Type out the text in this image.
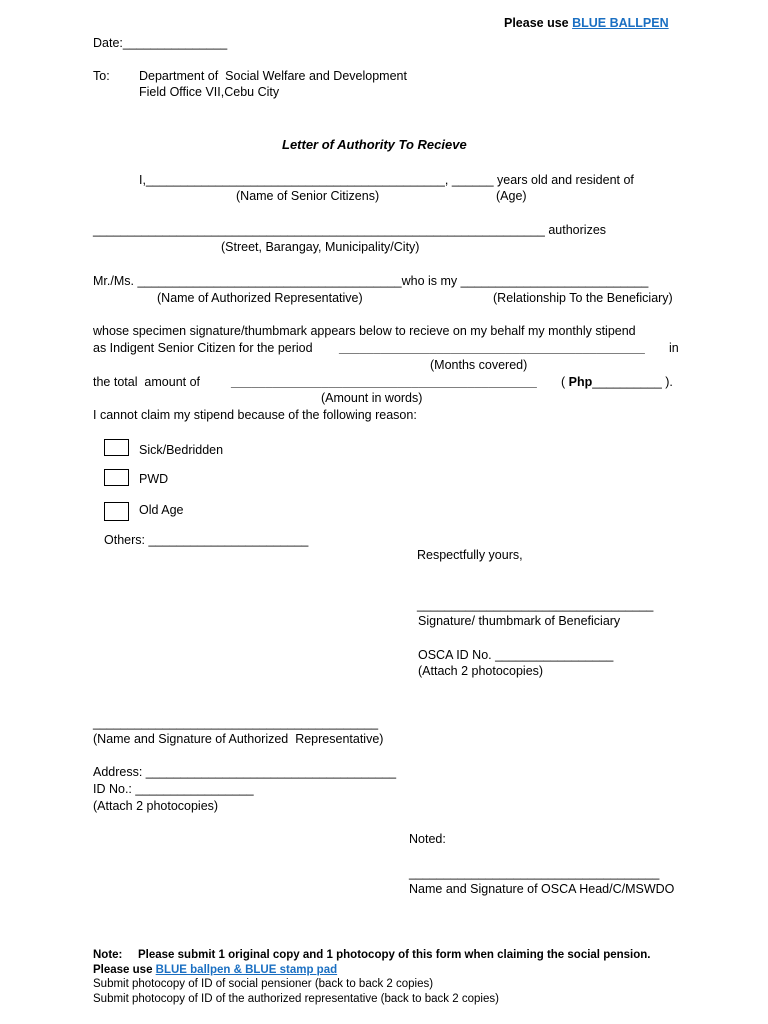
Please use BLUE BALLPEN
Date:_______________
To: Department of  Social Welfare and Development
Field Office VII,Cebu City
Letter of Authority To Recieve
I,___________________________________________, ______ years old and resident of
(Name of Senior Citizens)	(Age)
_________________________________________________________________ authorizes
(Street, Barangay, Municipality/City)
Mr./Ms. ______________________________________who is my ___________________________
(Name of Authorized Representative)	(Relationship To the Beneficiary)
whose specimen signature/thumbmark appears below to recieve on my behalf my monthly stipend
as Indigent Senior Citizen for the period ____________________________________________ in
(Months covered)
the total  amount of ____________________________________________ ( Php__________ ).
(Amount in words)
I cannot claim my stipend because of the following reason:
Sick/Bedridden
PWD
Old Age
Others: _______________________
Respectfully yours,
__________________________________
Signature/ thumbmark of Beneficiary
OSCA ID No. _________________
(Attach 2 photocopies)
_________________________________________
(Name and Signature of Authorized  Representative)
Address: ____________________________________
ID No.: _________________
(Attach 2 photocopies)
Noted:
____________________________________
Name and Signature of OSCA Head/C/MSWDO
Note: Please submit 1 original copy and 1 photocopy of this form when claiming the social pension.
Please use BLUE ballpen & BLUE stamp pad
Submit photocopy of ID of social pensioner (back to back 2 copies)
Submit photocopy of ID of the authorized representative (back to back 2 copies)
